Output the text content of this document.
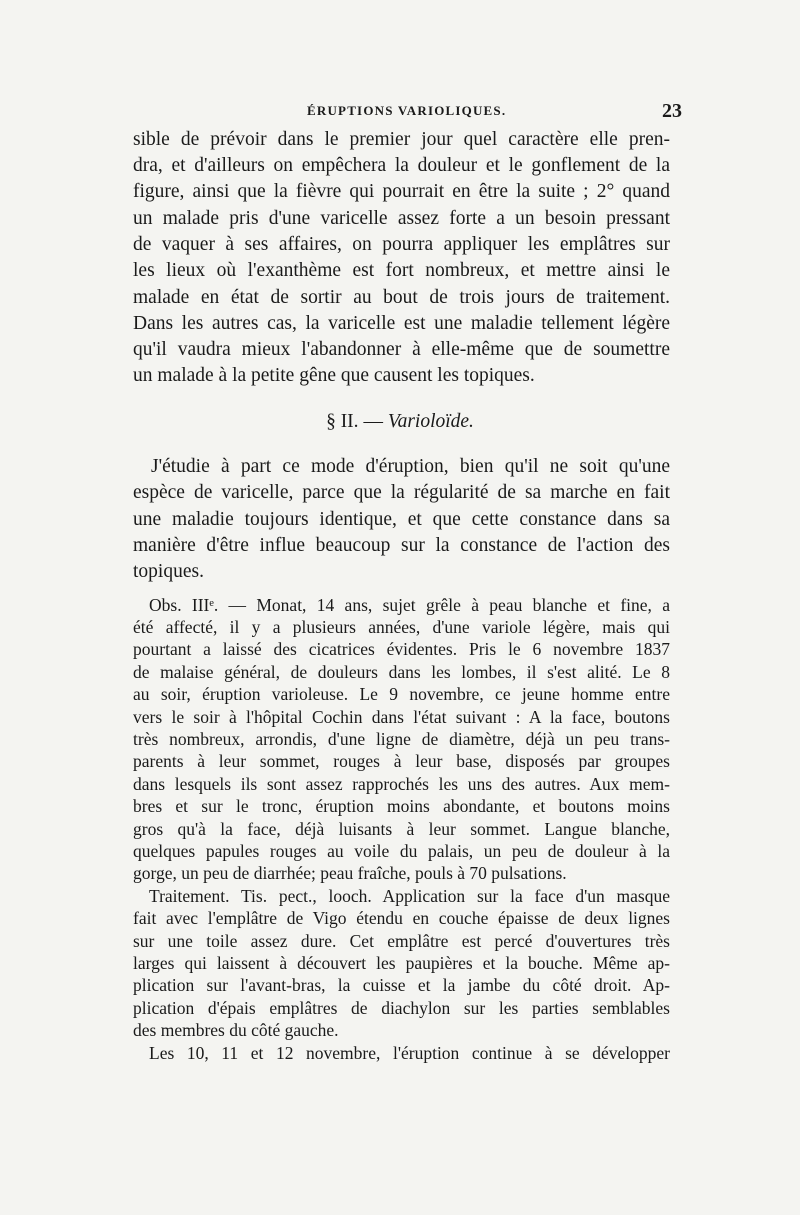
ÉRUPTIONS VARIOLIQUES.	23
sible de prévoir dans le premier jour quel caractère elle pren-
dra, et d'ailleurs on empêchera la douleur et le gonflement de la
figure, ainsi que la fièvre qui pourrait en être la suite ; 2° quand
un malade pris d'une varicelle assez forte a un besoin pressant
de vaquer à ses affaires, on pourra appliquer les emplâtres sur
les lieux où l'exanthème est fort nombreux, et mettre ainsi le
malade en état de sortir au bout de trois jours de traitement.
Dans les autres cas, la varicelle est une maladie tellement légère
qu'il vaudra mieux l'abandonner à elle-même que de soumettre
un malade à la petite gêne que causent les topiques.
§ II. — Varioloïde.
J'étudie à part ce mode d'éruption, bien qu'il ne soit qu'une
espèce de varicelle, parce que la régularité de sa marche en fait
une maladie toujours identique, et que cette constance dans sa
manière d'être influe beaucoup sur la constance de l'action des
topiques.
Obs. IIIᵉ. — Monat, 14 ans, sujet grêle à peau blanche et fine, a
été affecté, il y a plusieurs années, d'une variole légère, mais qui
pourtant a laissé des cicatrices évidentes. Pris le 6 novembre 1837
de malaise général, de douleurs dans les lombes, il s'est alité. Le 8
au soir, éruption varioleuse. Le 9 novembre, ce jeune homme entre
vers le soir à l'hôpital Cochin dans l'état suivant : A la face, boutons
très nombreux, arrondis, d'une ligne de diamètre, déjà un peu trans-
parents à leur sommet, rouges à leur base, disposés par groupes
dans lesquels ils sont assez rapprochés les uns des autres. Aux mem-
bres et sur le tronc, éruption moins abondante, et boutons moins
gros qu'à la face, déjà luisants à leur sommet. Langue blanche,
quelques papules rouges au voile du palais, un peu de douleur à la
gorge, un peu de diarrhée; peau fraîche, pouls à 70 pulsations.
Traitement. Tis. pect., looch. Application sur la face d'un masque
fait avec l'emplâtre de Vigo étendu en couche épaisse de deux lignes
sur une toile assez dure. Cet emplâtre est percé d'ouvertures très
larges qui laissent à découvert les paupières et la bouche. Même ap-
plication sur l'avant-bras, la cuisse et la jambe du côté droit. Ap-
plication d'épais emplâtres de diachylon sur les parties semblables
des membres du côté gauche.
Les 10, 11 et 12 novembre, l'éruption continue à se développer
